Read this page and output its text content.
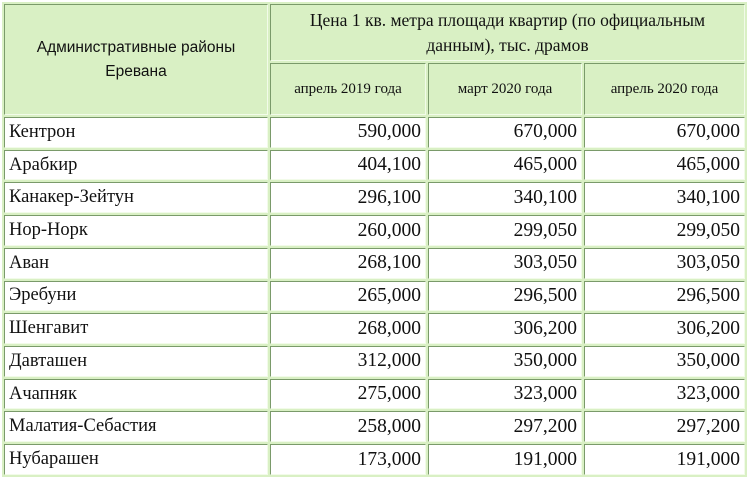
Административные районы Еревана	Цена 1 кв. метра площади квартир (по официальным данным), тыс. драмов		
	апрель 2019 года	март 2020 года	апрель 2020 года
Кентрон	590,000	670,000	670,000
Арабкир	404,100	465,000	465,000
Канакер-Зейтун	296,100	340,100	340,100
Нор-Норк	260,000	299,050	299,050
Аван	268,100	303,050	303,050
Эребуни	265,000	296,500	296,500
Шенгавит	268,000	306,200	306,200
Давташен	312,000	350,000	350,000
Ачапняк	275,000	323,000	323,000
Малатия-Себастия	258,000	297,200	297,200
Нубарашен	173,000	191,000	191,000
